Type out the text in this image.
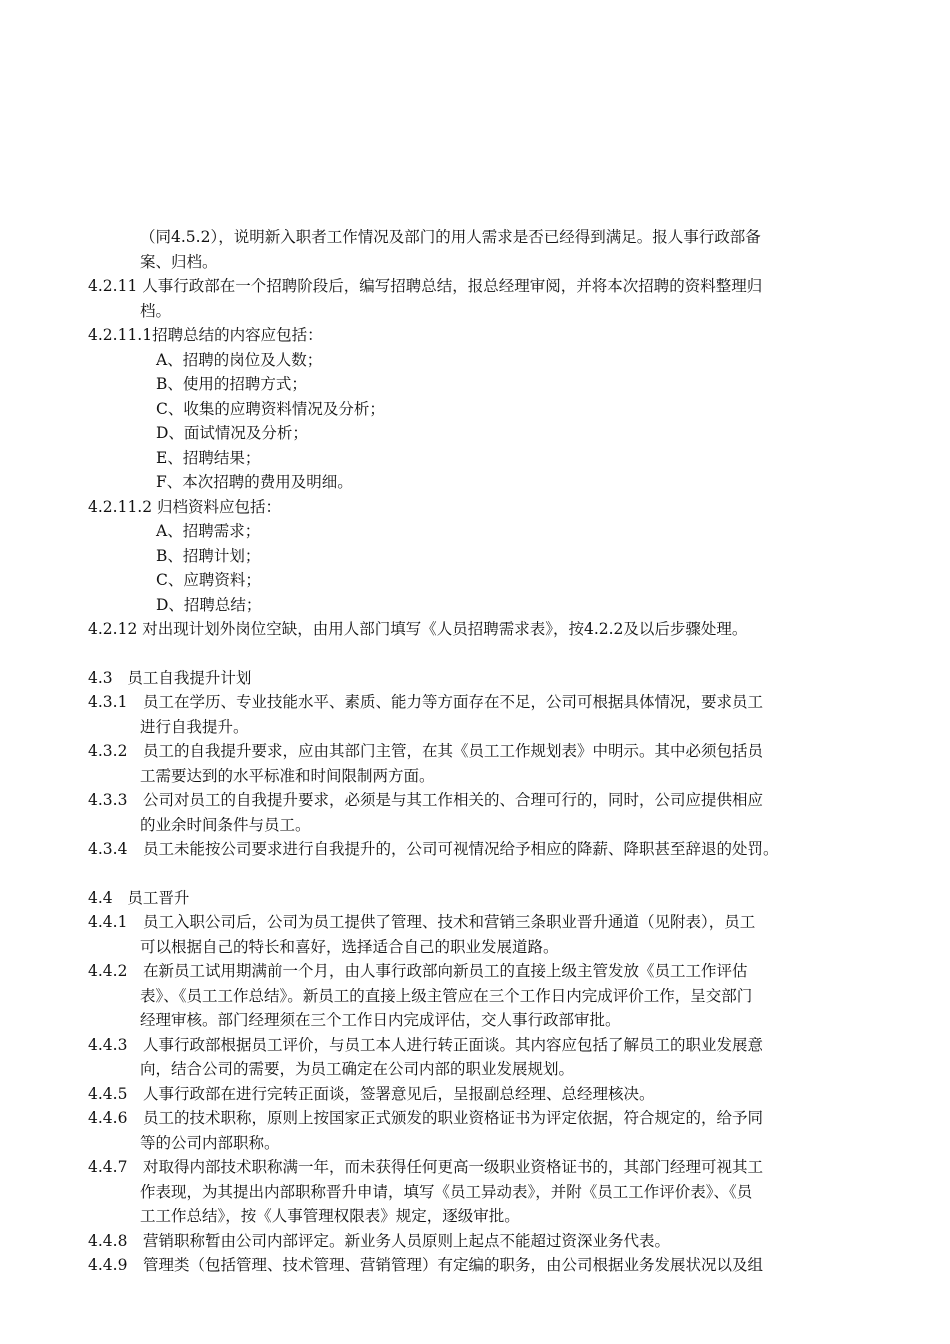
（同4.5.2），说明新入职者工作情况及部门的用人需求是否已经得到满足。报人事行政部备
案、归档。
4.2.11 人事行政部在一个招聘阶段后，编写招聘总结，报总经理审阅，并将本次招聘的资料整理归
档。
4.2.11.1招聘总结的内容应包括：
A、招聘的岗位及人数；
B、使用的招聘方式；
C、收集的应聘资料情况及分析；
D、面试情况及分析；
E、招聘结果；
F、本次招聘的费用及明细。
4.2.11.2 归档资料应包括：
A、招聘需求；
B、招聘计划；
C、应聘资料；
D、招聘总结；
4.2.12 对出现计划外岗位空缺，由用人部门填写《人员招聘需求表》，按4.2.2及以后步骤处理。
4.3   员工自我提升计划
4.3.1	员工在学历、专业技能水平、素质、能力等方面存在不足，公司可根据具体情况，要求员工
进行自我提升。
4.3.2	员工的自我提升要求，应由其部门主管，在其《员工工作规划表》中明示。其中必须包括员
工需要达到的水平标准和时间限制两方面。
4.3.3	公司对员工的自我提升要求，必须是与其工作相关的、合理可行的，同时，公司应提供相应
的业余时间条件与员工。
4.3.4	员工未能按公司要求进行自我提升的，公司可视情况给予相应的降薪、降职甚至辞退的处罚。
4.4   员工晋升
4.4.1	员工入职公司后，公司为员工提供了管理、技术和营销三条职业晋升通道（见附表），员工
可以根据自己的特长和喜好，选择适合自己的职业发展道路。
4.4.2	在新员工试用期满前一个月，由人事行政部向新员工的直接上级主管发放《员工工作评估
表》、《员工工作总结》。新员工的直接上级主管应在三个工作日内完成评价工作，呈交部门
经理审核。部门经理须在三个工作日内完成评估，交人事行政部审批。
4.4.3	人事行政部根据员工评价，与员工本人进行转正面谈。其内容应包括了解员工的职业发展意
向，结合公司的需要，为员工确定在公司内部的职业发展规划。
4.4.5	人事行政部在进行完转正面谈，签署意见后，呈报副总经理、总经理核决。
4.4.6	员工的技术职称，原则上按国家正式颁发的职业资格证书为评定依据，符合规定的，给予同
等的公司内部职称。
4.4.7	对取得内部技术职称满一年，而未获得任何更高一级职业资格证书的，其部门经理可视其工
作表现，为其提出内部职称晋升申请，填写《员工异动表》，并附《员工工作评价表》、《员
工工作总结》，按《人事管理权限表》规定，逐级审批。
4.4.8	营销职称暂由公司内部评定。新业务人员原则上起点不能超过资深业务代表。
4.4.9	管理类（包括管理、技术管理、营销管理）有定编的职务，由公司根据业务发展状况以及组
